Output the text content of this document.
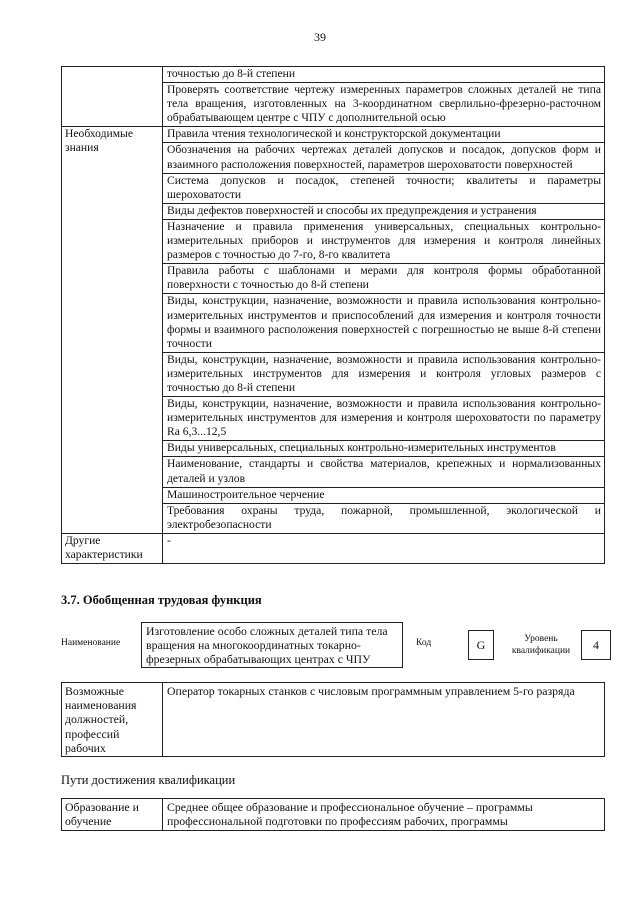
39
	точностью до 8-й степени
	Проверять соответствие чертежу измеренных параметров сложных деталей не типа тела вращения, изготовленных на 3-координатном сверлильно-фрезерно-расточном обрабатывающем центре с ЧПУ с дополнительной осью
Необходимые знания	Правила чтения технологической и конструкторской документации
	Обозначения на рабочих чертежах деталей допусков и посадок, допусков форм и взаимного расположения поверхностей, параметров шероховатости поверхностей
	Система допусков и посадок, степеней точности; квалитеты и параметры шероховатости
	Виды дефектов поверхностей и способы их предупреждения и устранения
	Назначение и правила применения универсальных, специальных контрольно-измерительных приборов и инструментов для измерения и контроля линейных размеров с точностью до 7-го, 8-го квалитета
	Правила работы с шаблонами и мерами для контроля формы обработанной поверхности с точностью до 8-й степени
	Виды, конструкции, назначение, возможности и правила использования контрольно-измерительных инструментов и приспособлений для измерения и контроля точности формы и взаимного расположения поверхностей с погрешностью не выше 8-й степени точности
	Виды, конструкции, назначение, возможности и правила использования контрольно-измерительных инструментов для измерения и контроля угловых размеров с точностью до 8-й степени
	Виды, конструкции, назначение, возможности и правила использования контрольно-измерительных инструментов для измерения и контроля шероховатости по параметру Ra 6,3...12,5
	Виды универсальных, специальных контрольно-измерительных инструментов
	Наименование, стандарты и свойства материалов, крепежных и нормализованных деталей и узлов
	Машиностроительное черчение
	Требования охраны труда, пожарной, промышленной, экологической и электробезопасности
Другие характеристики	-
3.7. Обобщенная трудовая функция
Наименование
Изготовление особо сложных деталей типа тела вращения на многокоординатных токарно-фрезерных обрабатывающих центрах с ЧПУ
Код	G	Уровень квалификации	4
Возможные наименования должностей, профессий рабочих	Оператор токарных станков с числовым программным управлением 5-го разряда
Пути достижения квалификации
Образование и обучение	Среднее общее образование и профессиональное обучение – программы профессиональной подготовки по профессиям рабочих, программы
